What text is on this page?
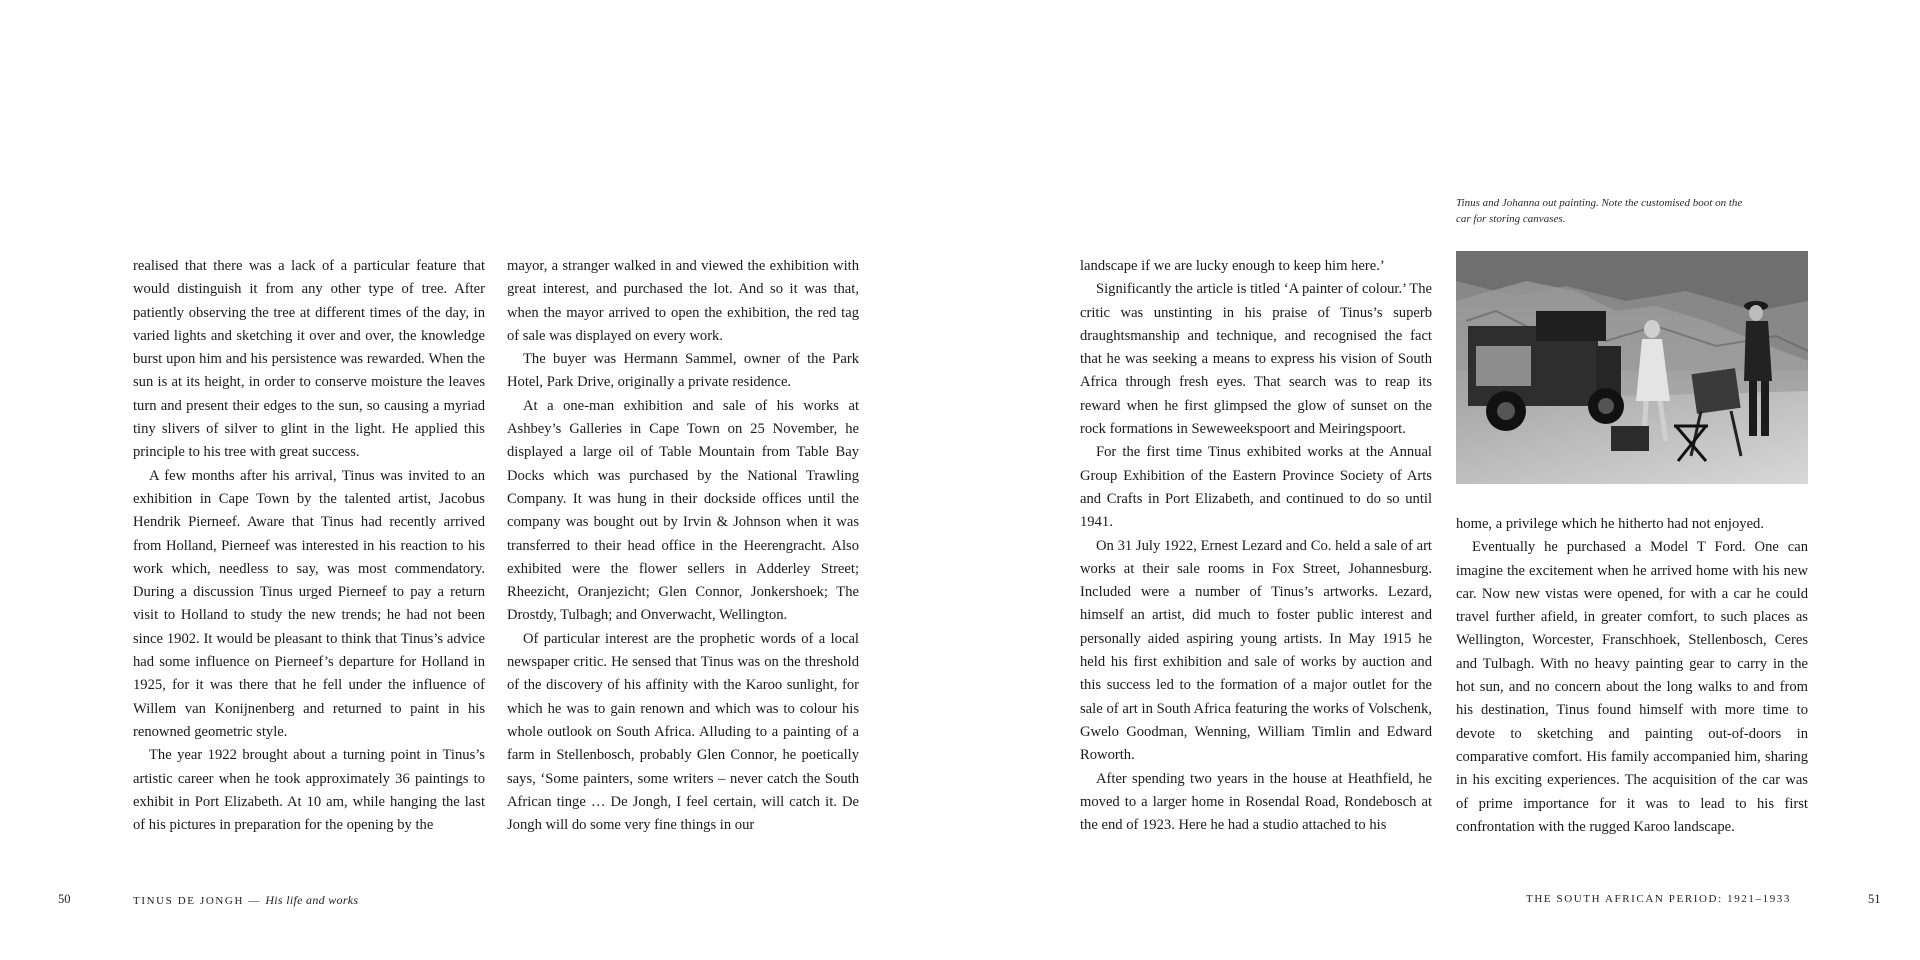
realised that there was a lack of a particular feature that would distinguish it from any other type of tree. After patiently observing the tree at different times of the day, in varied lights and sketching it over and over, the knowledge burst upon him and his persistence was rewarded. When the sun is at its height, in order to conserve moisture the leaves turn and present their edges to the sun, so causing a myriad tiny slivers of silver to glint in the light. He applied this principle to his tree with great success.

A few months after his arrival, Tinus was invited to an exhibition in Cape Town by the talented artist, Jacobus Hendrik Pierneef. Aware that Tinus had recently arrived from Holland, Pierneef was interested in his reaction to his work which, needless to say, was most commendatory. During a discussion Tinus urged Pierneef to pay a return visit to Holland to study the new trends; he had not been since 1902. It would be pleasant to think that Tinus’s advice had some influence on Pierneef’s departure for Holland in 1925, for it was there that he fell under the influence of Willem van Konijnenberg and returned to paint in his renowned geometric style.

The year 1922 brought about a turning point in Tinus’s artistic career when he took approximately 36 paintings to exhibit in Port Elizabeth. At 10 am, while hanging the last of his pictures in preparation for the opening by the

mayor, a stranger walked in and viewed the exhibition with great interest, and purchased the lot. And so it was that, when the mayor arrived to open the exhibition, the red tag of sale was displayed on every work.

The buyer was Hermann Sammel, owner of the Park Hotel, Park Drive, originally a private residence.

At a one-man exhibition and sale of his works at Ashbey’s Galleries in Cape Town on 25 November, he displayed a large oil of Table Mountain from Table Bay Docks which was purchased by the National Trawling Company. It was hung in their dockside offices until the company was bought out by Irvin & Johnson when it was transferred to their head office in the Heerengracht. Also exhibited were the flower sellers in Adderley Street; Rheezicht, Oranjezicht; Glen Connor, Jonkershoek; The Drostdy, Tulbagh; and Onverwacht, Wellington.

Of particular interest are the prophetic words of a local newspaper critic. He sensed that Tinus was on the threshold of the discovery of his affinity with the Karoo sunlight, for which he was to gain renown and which was to colour his whole outlook on South Africa. Alluding to a painting of a farm in Stellenbosch, probably Glen Connor, he poetically says, ‘Some painters, some writers – never catch the South African tinge … De Jongh, I feel certain, will catch it. De Jongh will do some very fine things in our

50	TINUS DE JONGH — His life and works

landscape if we are lucky enough to keep him here.’

Significantly the article is titled ‘A painter of colour.’ The critic was unstinting in his praise of Tinus’s superb draughtsmanship and technique, and recognised the fact that he was seeking a means to express his vision of South Africa through fresh eyes. That search was to reap its reward when he first glimpsed the glow of sunset on the rock formations in Seweweekspoort and Meiringspoort.

For the first time Tinus exhibited works at the Annual Group Exhibition of the Eastern Province Society of Arts and Crafts in Port Elizabeth, and continued to do so until 1941.

On 31 July 1922, Ernest Lezard and Co. held a sale of art works at their sale rooms in Fox Street, Johannesburg. Included were a number of Tinus’s artworks. Lezard, himself an artist, did much to foster public interest and personally aided aspiring young artists. In May 1915 he held his first exhibition and sale of works by auction and this success led to the formation of a major outlet for the sale of art in South Africa featuring the works of Volschenk, Gwelo Goodman, Wenning, William Timlin and Edward Roworth.

After spending two years in the house at Heathfield, he moved to a larger home in Rosendal Road, Rondebosch at the end of 1923. Here he had a studio attached to his

Tinus and Johanna out painting. Note the customised boot on the car for storing canvases.

home, a privilege which he hitherto had not enjoyed.

Eventually he purchased a Model T Ford. One can imagine the excitement when he arrived home with his new car. Now new vistas were opened, for with a car he could travel further afield, in greater comfort, to such places as Wellington, Worcester, Franschhoek, Stellenbosch, Ceres and Tulbagh. With no heavy painting gear to carry in the hot sun, and no concern about the long walks to and from his destination, Tinus found himself with more time to devote to sketching and painting out-of-doors in comparative comfort. His family accompanied him, sharing in his exciting experiences. The acquisition of the car was of prime importance for it was to lead to his first confrontation with the rugged Karoo landscape.

THE SOUTH AFRICAN PERIOD: 1921–1933	51
